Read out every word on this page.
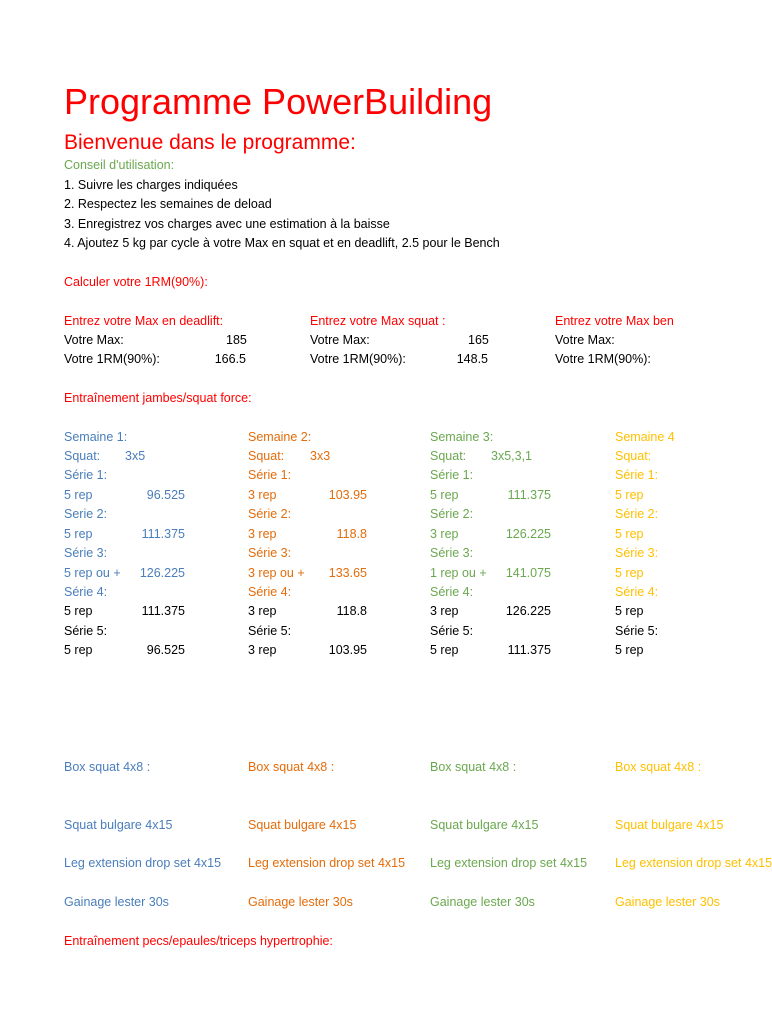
Programme PowerBuilding
Bienvenue dans le programme:
Conseil d'utilisation:
1. Suivre les charges indiquées
2. Respectez les semaines de deload
3. Enregistrez vos charges avec une estimation à la baisse
4. Ajoutez 5 kg par cycle à votre Max en squat et en deadlift, 2.5 pour le Bench
Calculer votre 1RM(90%):
Entrez votre Max en deadlift:
Votre Max:	185
Votre 1RM(90%):	166.5
Entrez votre Max squat :
Votre Max:	165
Votre 1RM(90%):	148.5
Entrez votre Max ben
Votre Max:
Votre 1RM(90%):
Entraînement jambes/squat force:
Semaine 1:
Squat: 3x5
Série 1:
5 rep	96.525
Serie 2:
5 rep	111.375
Série 3:
5 rep ou +	126.225
Série 4:
5 rep	111.375
Série 5:
5 rep	96.525
Semaine 2:
Squat: 3x3
Série 1:
3 rep	103.95
Série 2:
3 rep	118.8
Série 3:
3 rep ou +	133.65
Série 4:
3 rep	118.8
Série 5:
3 rep	103.95
Semaine 3:
Squat: 3x5,3,1
Série 1:
5 rep	111.375
Série 2:
3 rep	126.225
Série 3:
1 rep ou +	141.075
Série 4:
3 rep	126.225
Série 5:
5 rep	111.375
Semaine 4
Squat:
Série 1:
5 rep
Série 2:
5 rep
Série 3:
5 rep
Série 4:
5 rep
Série 5:
5 rep
Box squat 4x8 :
Squat bulgare 4x15
Leg extension drop set 4x15
Gainage lester 30s
Box squat 4x8 :
Squat bulgare 4x15
Leg extension drop set 4x15
Gainage lester 30s
Box squat 4x8 :
Squat bulgare 4x15
Leg extension drop set 4x15
Gainage lester 30s
Box squat 4x8 :
Squat bulgare 4x15
Leg extension drop set 4x15
Gainage lester 30s
Entraînement pecs/epaules/triceps hypertrophie:
